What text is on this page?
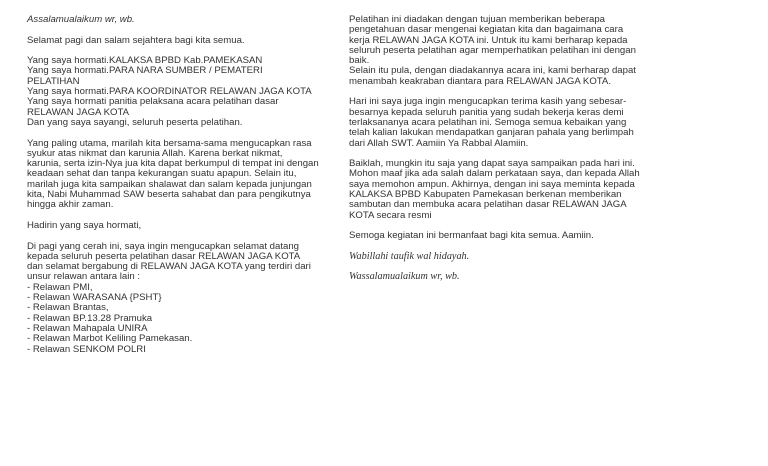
Assalamualaikum wr, wb.

Selamat pagi dan salam sejahtera bagi kita semua.

Yang saya hormati.KALAKSA BPBD Kab.PAMEKASAN
Yang saya hormati.PARA NARA SUMBER / PEMATERI
PELATIHAN
Yang saya hormati.PARA KOORDINATOR RELAWAN JAGA KOTA
Yang saya hormati panitia pelaksana acara pelatihan dasar
RELAWAN JAGA KOTA
Dan yang saya sayangi, seluruh peserta pelatihan.

Yang paling utama, marilah kita bersama-sama mengucapkan rasa
syukur atas nikmat dan karunia Allah. Karena berkat nikmat,
karunia, serta izin-Nya jua kita dapat berkumpul di tempat ini dengan
keadaan sehat dan tanpa kekurangan suatu apapun. Selain itu,
marilah juga kita sampaikan shalawat dan salam kepada junjungan
kita, Nabi Muhammad SAW beserta sahabat dan para pengikutnya
hingga akhir zaman.

Hadirin yang saya hormati,

Di pagi yang cerah ini, saya ingin mengucapkan selamat datang
kepada seluruh peserta pelatihan dasar RELAWAN JAGA KOTA
dan selamat bergabung di RELAWAN JAGA KOTA yang terdiri dari
unsur relawan antara lain :
- Relawan PMI,
- Relawan WARASANA {PSHT}
- Relawan Brantas,
- Relawan BP.13.28 Pramuka
- Relawan Mahapala UNIRA
- Relawan Marbot Keliling Pamekasan.
- Relawan SENKOM POLRI

Pelatihan ini diadakan dengan tujuan memberikan beberapa
pengetahuan dasar mengenai kegiatan kita dan bagaimana cara
kerja RELAWAN JAGA KOTA ini. Untuk itu kami berharap kepada
seluruh peserta pelatihan agar memperhatikan pelatihan ini dengan
baik.
Selain itu pula, dengan diadakannya acara ini, kami berharap dapat
menambah keakraban diantara para RELAWAN JAGA KOTA.

Hari ini saya juga ingin mengucapkan terima kasih yang sebesar-
besarnya kepada seluruh panitia yang sudah bekerja keras demi
terlaksananya acara pelatihan ini. Semoga semua kebaikan yang
telah kalian lakukan mendapatkan ganjaran pahala yang berlimpah
dari Allah SWT. Aamiin Ya Rabbal Alamiin.

Baiklah, mungkin itu saja yang dapat saya sampaikan pada hari ini.
Mohon maaf jika ada salah dalam perkataan saya, dan kepada Allah
saya memohon ampun. Akhirnya, dengan ini saya meminta kepada
KALAKSA BPBD Kabupaten Pamekasan berkenan memberikan
sambutan dan membuka acara pelatihan dasar RELAWAN JAGA
KOTA secara resmi

Semoga kegiatan ini bermanfaat bagi kita semua. Aamiin.

Wabillahi taufik wal hidayah.

Wassalamualaikum wr, wb.
